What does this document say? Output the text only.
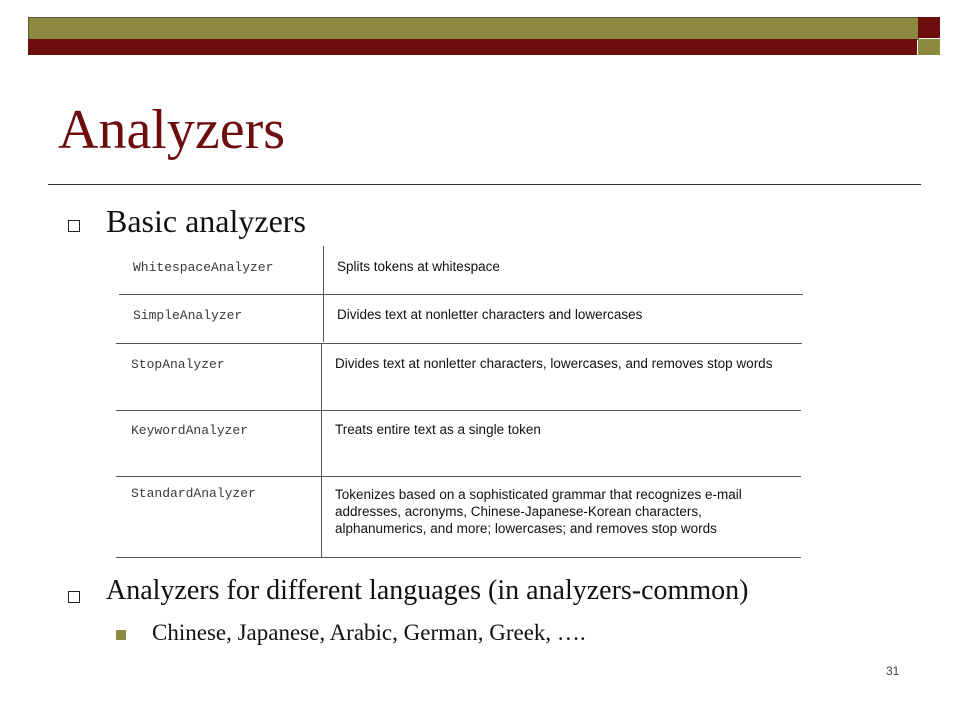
Analyzers
Basic analyzers
WhitespaceAnalyzer	Splits tokens at whitespace
SimpleAnalyzer	Divides text at nonletter characters and lowercases
StopAnalyzer	Divides text at nonletter characters, lowercases, and removes stop words
KeywordAnalyzer	Treats entire text as a single token
StandardAnalyzer	Tokenizes based on a sophisticated grammar that recognizes e-mail addresses, acronyms, Chinese-Japanese-Korean characters, alphanumerics, and more; lowercases; and removes stop words
Analyzers for different languages (in analyzers-common)
Chinese, Japanese, Arabic, German, Greek, ….
31
